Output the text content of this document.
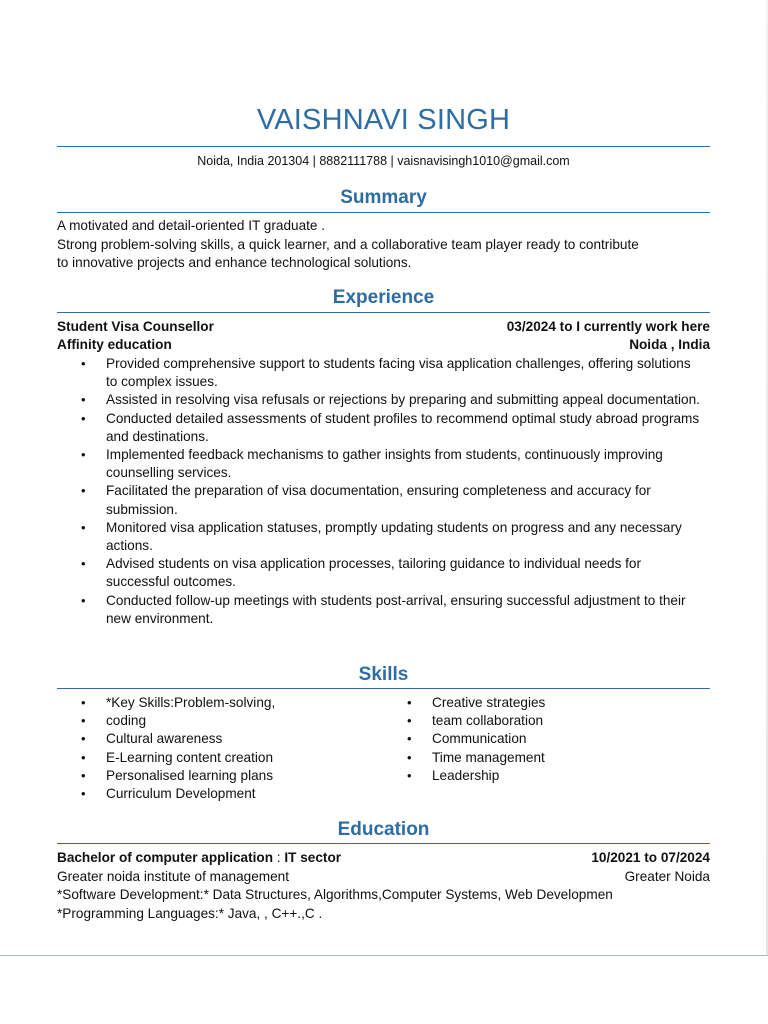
VAISHNAVI SINGH
Noida, India 201304 | 8882111788 | vaisnavisingh1010@gmail.com
Summary
A motivated and detail-oriented IT graduate .
Strong problem-solving skills, a quick learner, and a collaborative team player ready to contribute
to innovative projects and enhance technological solutions.
Experience
Student Visa Counsellor	03/2024 to I currently work here
Affinity education	Noida , India
• Provided comprehensive support to students facing visa application challenges, offering solutions to complex issues.
• Assisted in resolving visa refusals or rejections by preparing and submitting appeal documentation.
• Conducted detailed assessments of student profiles to recommend optimal study abroad programs and destinations.
• Implemented feedback mechanisms to gather insights from students, continuously improving counselling services.
• Facilitated the preparation of visa documentation, ensuring completeness and accuracy for submission.
• Monitored visa application statuses, promptly updating students on progress and any necessary actions.
• Advised students on visa application processes, tailoring guidance to individual needs for successful outcomes.
• Conducted follow-up meetings with students post-arrival, ensuring successful adjustment to their new environment.
Skills
• *Key Skills:Problem-solving,
• coding
• Cultural awareness
• E-Learning content creation
• Personalised learning plans
• Curriculum Development
• Creative strategies
• team collaboration
• Communication
• Time management
• Leadership
Education
Bachelor of computer application : IT sector	10/2021 to 07/2024
Greater noida institute of management	Greater Noida
*Software Development:* Data Structures, Algorithms,Computer Systems, Web Developmen
*Programming Languages:* Java, , C++.,C .
